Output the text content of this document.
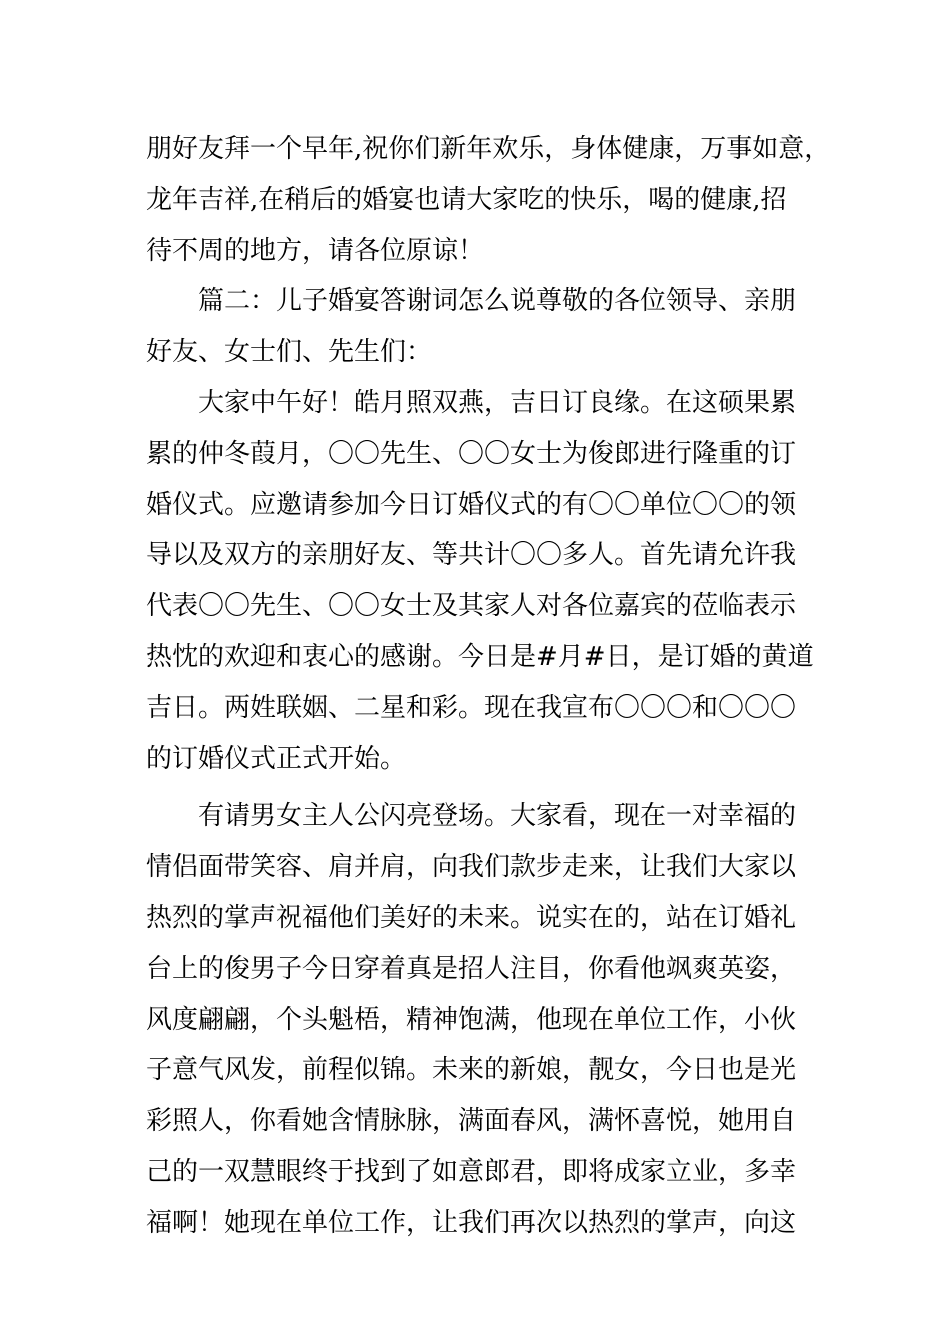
朋好友拜一个早年,祝你们新年欢乐，身体健康，万事如意，
龙年吉祥,在稍后的婚宴也请大家吃的快乐，喝的健康,招
待不周的地方，请各位原谅！
　　篇二：儿子婚宴答谢词怎么说尊敬的各位领导、亲朋
好友、女士们、先生们：
　　大家中午好！皓月照双燕，吉日订良缘。在这硕果累
累的仲冬葭月，〇〇先生、〇〇女士为俊郎进行隆重的订
婚仪式。应邀请参加今日订婚仪式的有〇〇单位〇〇的领
导以及双方的亲朋好友、等共计〇〇多人。首先请允许我
代表〇〇先生、〇〇女士及其家人对各位嘉宾的莅临表示
热忱的欢迎和衷心的感谢。今日是#月#日，是订婚的黄道
吉日。两姓联姻、二星和彩。现在我宣布〇〇〇和〇〇〇
的订婚仪式正式开始。
　　有请男女主人公闪亮登场。大家看，现在一对幸福的
情侣面带笑容、肩并肩，向我们款步走来，让我们大家以
热烈的掌声祝福他们美好的未来。说实在的，站在订婚礼
台上的俊男子今日穿着真是招人注目，你看他飒爽英姿，
风度翩翩，个头魁梧，精神饱满，他现在单位工作，小伙
子意气风发，前程似锦。未来的新娘，靓女，今日也是光
彩照人，你看她含情脉脉，满面春风，满怀喜悦，她用自
己的一双慧眼终于找到了如意郎君，即将成家立业，多幸
福啊！她现在单位工作，让我们再次以热烈的掌声，向这
